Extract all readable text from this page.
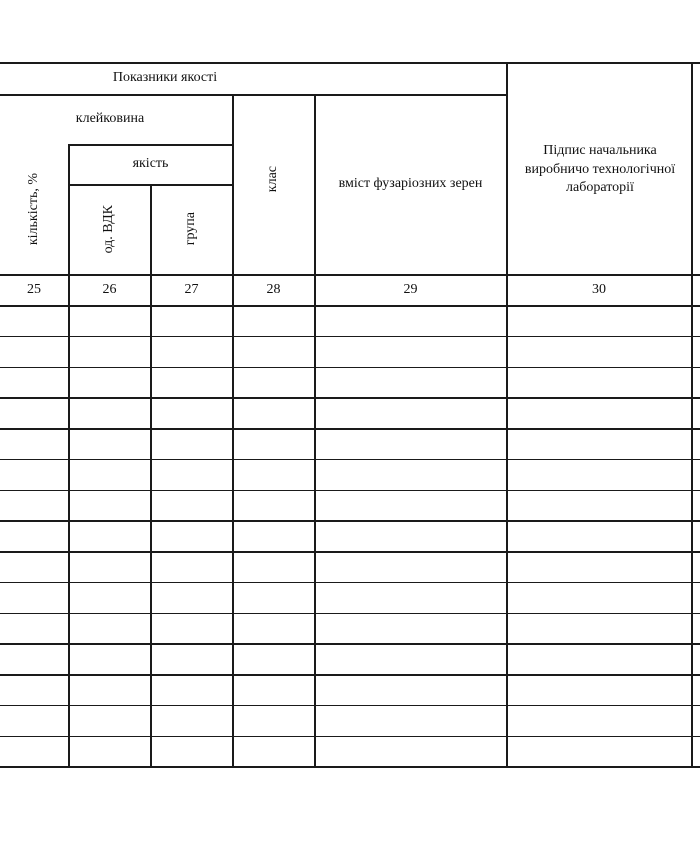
Показники якості
клейковина
якість
кількість, %	од. ВДК	група
клас	вміст фузаріозних зерен
Підпис начальника виробничо технологічної лабораторії
25	26	27	28	29	30
